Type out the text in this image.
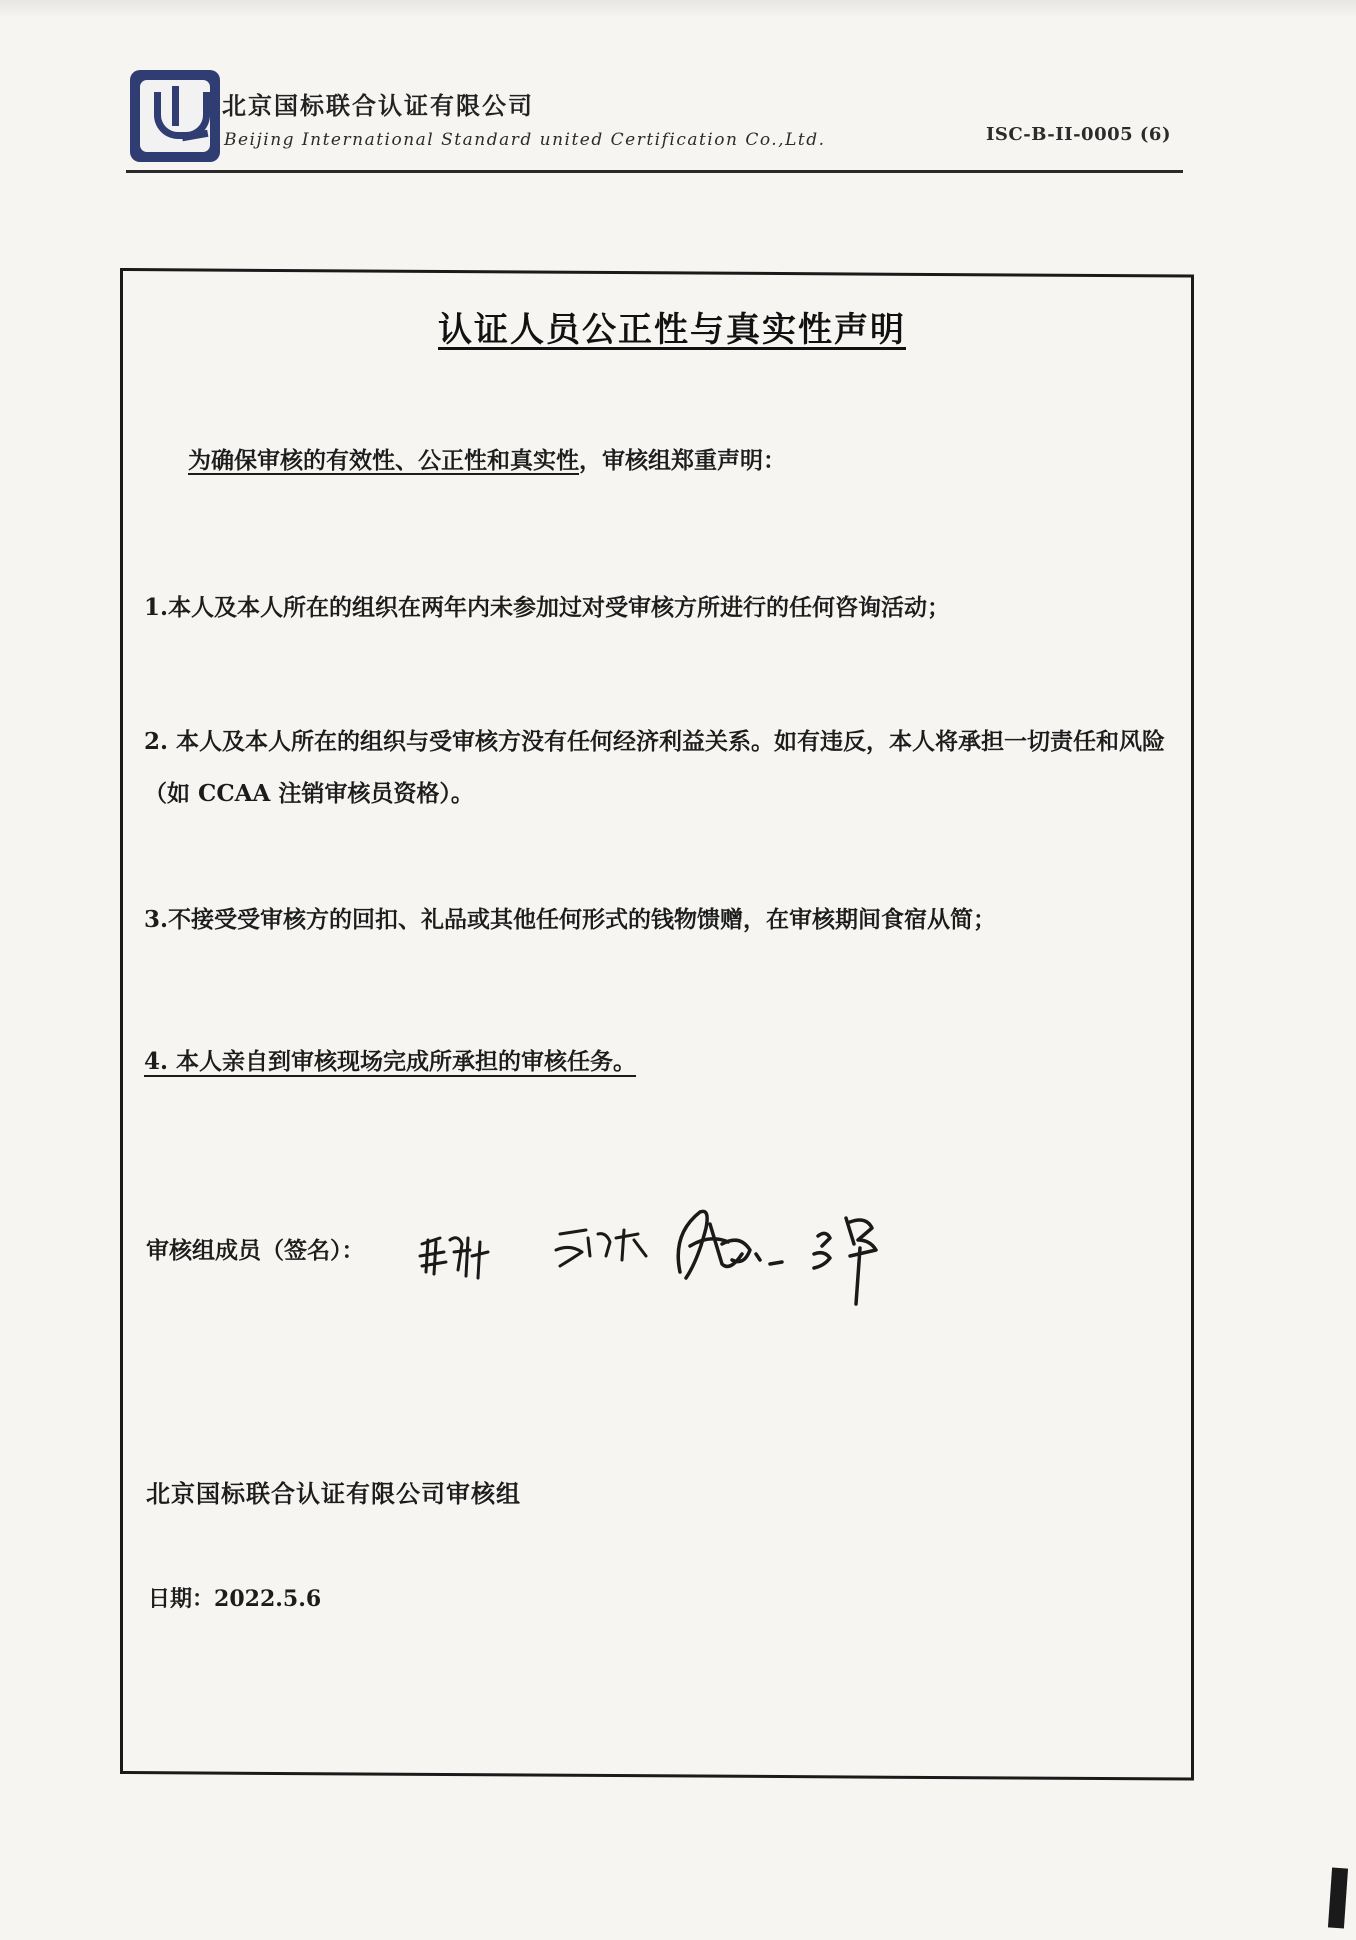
北京国标联合认证有限公司
Beijing International Standard united Certification Co.,Ltd.	ISC-B-II-0005 (6)
认证人员公正性与真实性声明
为确保审核的有效性、公正性和真实性，审核组郑重声明：
1.本人及本人所在的组织在两年内未参加过对受审核方所进行的任何咨询活动；
2. 本人及本人所在的组织与受审核方没有任何经济利益关系。如有违反，本人将承担一切责任和风险（如 CCAA 注销审核员资格）。
3.不接受受审核方的回扣、礼品或其他任何形式的钱物馈赠，在审核期间食宿从简；
4. 本人亲自到审核现场完成所承担的审核任务。
审核组成员（签名）：
北京国标联合认证有限公司审核组
日期：2022.5.6
